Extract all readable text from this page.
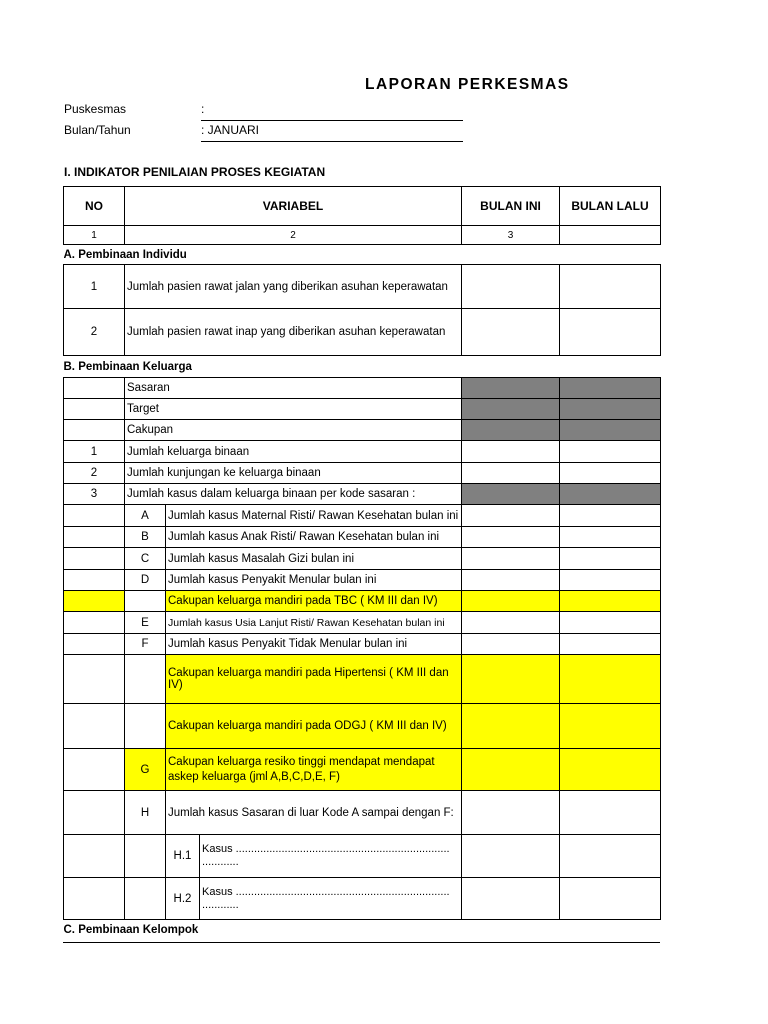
LAPORAN PERKESMAS
Puskesmas	:
Bulan/Tahun	: JANUARI
I. INDIKATOR PENILAIAN PROSES KEGIATAN
NO	VARIABEL			BULAN INI	BULAN LALU
1	2			3	
A. Pembinaan Individu					
1	Jumlah pasien rawat jalan yang diberikan asuhan keperawatan				
2	Jumlah pasien rawat inap yang diberikan asuhan keperawatan				
B. Pembinaan Keluarga					
	Sasaran				
	Target				
	Cakupan				
1	Jumlah keluarga binaan				
2	Jumlah kunjungan ke keluarga binaan				
3	Jumlah kasus dalam keluarga binaan per kode sasaran :				
	A	Jumlah kasus Maternal Risti/ Rawan Kesehatan bulan ini			
	B	Jumlah kasus Anak Risti/ Rawan Kesehatan bulan ini			
	C	Jumlah kasus Masalah Gizi bulan ini			
	D	Jumlah kasus Penyakit Menular bulan ini			
		Cakupan keluarga mandiri pada TBC ( KM III dan IV)			
	E	Jumlah kasus Usia Lanjut Risti/ Rawan Kesehatan bulan ini			
	F	Jumlah kasus Penyakit Tidak Menular bulan ini			
		Cakupan keluarga mandiri pada Hipertensi ( KM III dan IV)			
		Cakupan keluarga mandiri pada ODGJ ( KM III dan IV)			
	G	Cakupan keluarga resiko tinggi mendapat mendapat askep keluarga (jml A,B,C,D,E, F)			
	H	Jumlah kasus Sasaran di luar Kode A sampai dengan F:			
		H.1	Kasus ......................................................................
............		

		H.2	Kasus ......................................................................
............		

C. Pembinaan Kelompok					
